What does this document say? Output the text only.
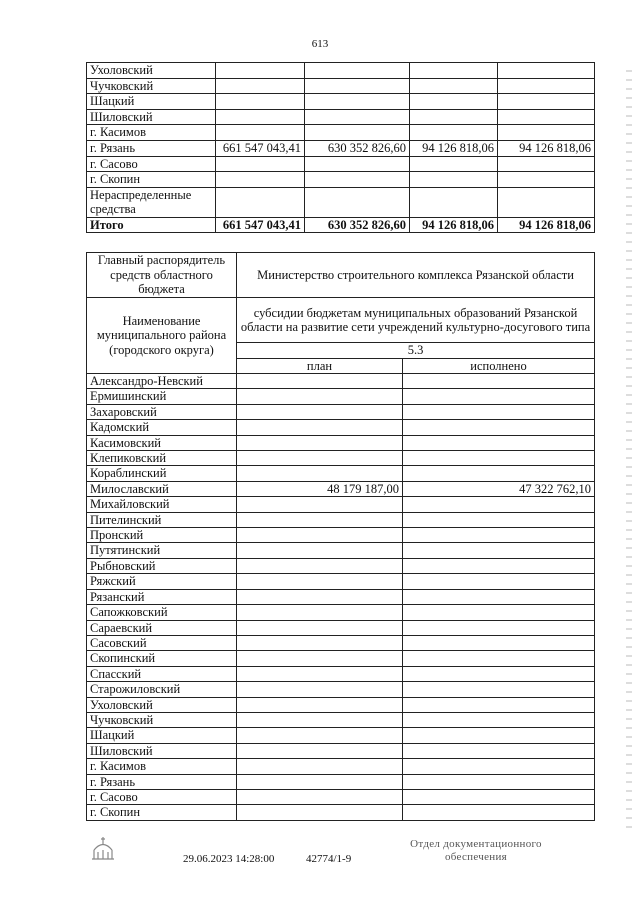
613
Ухоловский				
Чучковский				
Шацкий				
Шиловский				
г. Касимов				
г. Рязань	661 547 043,41	630 352 826,60	94 126 818,06	94 126 818,06
г. Сасово				
г. Скопин				
Нераспределенные средства				
Итого	661 547 043,41	630 352 826,60	94 126 818,06	94 126 818,06
Главный распорядитель средств областного бюджета	Министерство строительного комплекса Рязанской области	
Наименование муниципального района (городского округа)	субсидии бюджетам муниципальных образований Рязанской области на развитие сети учреждений культурно-досугового типа	
	5.3	
	план	исполнено
Александро-Невский		
Ермишинский		
Захаровский		
Кадомский		
Касимовский		
Клепиковский		
Кораблинский		
Милославский	48 179 187,00	47 322 762,10
Михайловский		
Пителинский		
Пронский		
Путятинский		
Рыбновский		
Ряжский		
Рязанский		
Сапожковский		
Сараевский		
Сасовский		
Скопинский		
Спасский		
Старожиловский		
Ухоловский		
Чучковский		
Шацкий		
Шиловский		
г. Касимов		
г. Рязань		
г. Сасово		
г. Скопин		
29.06.2023 14:28:00	42774/1-9
Отдел документационного
обеспечения
